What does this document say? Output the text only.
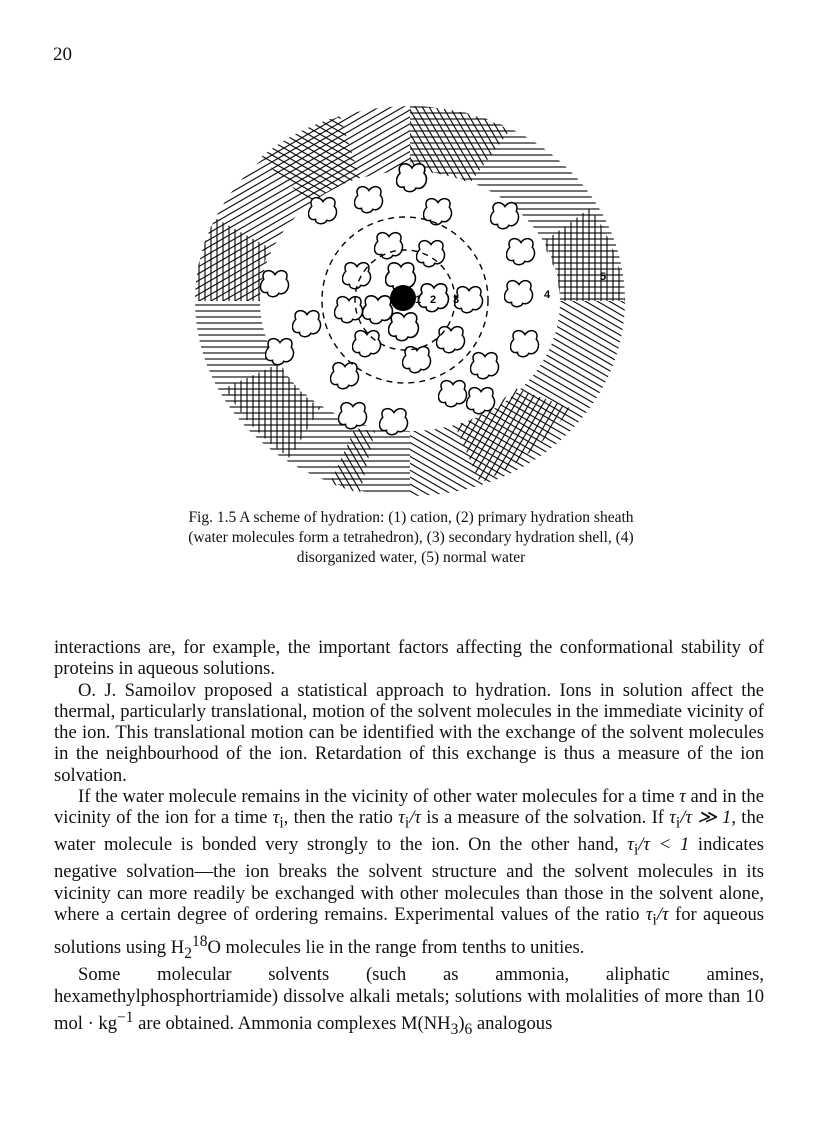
20
1 2 3	4
5
Fig. 1.5 A scheme of hydration: (1) cation, (2) primary hydration sheath (water molecules form a tetrahedron), (3) secondary hydration shell, (4) disorganized water, (5) normal water

interactions are, for example, the important factors affecting the conformational stability of proteins in aqueous solutions.

O. J. Samoilov proposed a statistical approach to hydration. Ions in solution affect the thermal, particularly translational, motion of the solvent molecules in the immediate vicinity of the ion. This translational motion can be identified with the exchange of the solvent molecules in the neighbourhood of the ion. Retardation of this exchange is thus a measure of the ion solvation.

If the water molecule remains in the vicinity of other water molecules for a time τ and in the vicinity of the ion for a time $\tau_i$, then the ratio $\tau_i/\tau$ is a measure of the solvation. If $\tau_i/\tau$ ≫ 1, the water molecule is bonded very strongly to the ion. On the other hand, $\tau_i/\tau < 1$ indicates negative solvation—the ion breaks the solvent structure and the solvent molecules in its vicinity can more readily be exchanged with other molecules than those in the solvent alone, where a certain degree of ordering remains. Experimental values of the ratio $\tau_i/\tau$ for aqueous solutions using $H_2^{18}O$ molecules lie in the range from tenths to unities.

Some molecular solvents (such as ammonia, aliphatic amines, hexamethylphosphortriamide) dissolve alkali metals; solutions with molalities of more than 10 mol · $kg^{-1}$ are obtained. Ammonia complexes $M(NH_3)_6$ analogous
